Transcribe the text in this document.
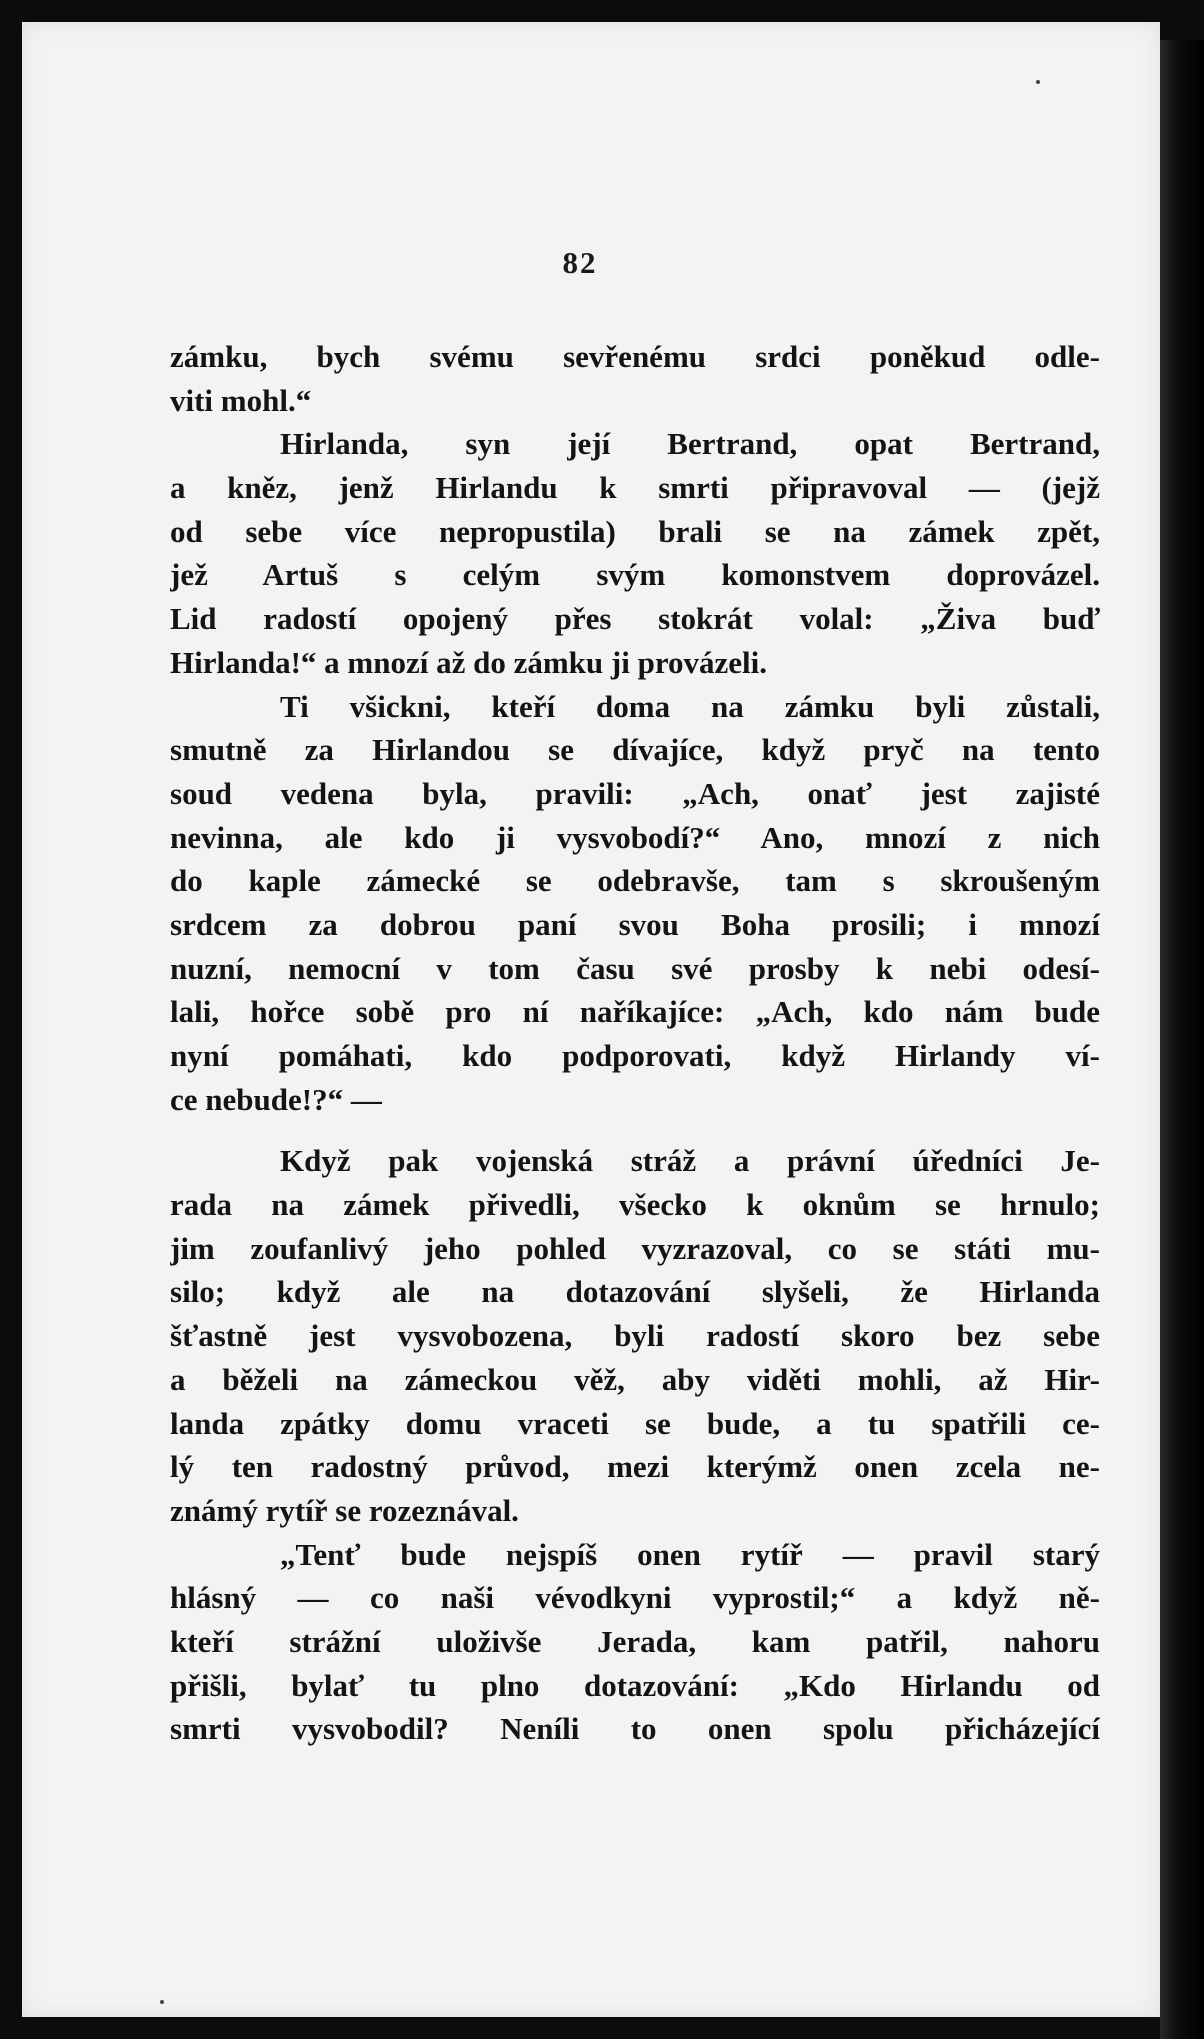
82
zámku, bych svému sevřenému srdci poněkud odle-
viti mohl.“
Hirlanda, syn její Bertrand, opat Bertrand,
a kněz, jenž Hirlandu k smrti připravoval — (jejž
od sebe více nepropustila) brali se na zámek zpět,
jež Artuš s celým svým komonstvem doprovázel.
Lid radostí opojený přes stokrát volal: „Živa buď
Hirlanda!“ a mnozí až do zámku ji provázeli.
Ti všickni, kteří doma na zámku byli zůstali,
smutně za Hirlandou se dívajíce, když pryč na tento
soud vedena byla, pravili: „Ach, onať jest zajisté
nevinna, ale kdo ji vysvobodí?“ Ano, mnozí z nich
do kaple zámecké se odebravše, tam s skroušeným
srdcem za dobrou paní svou Boha prosili; i mnozí
nuzní, nemocní v tom času své prosby k nebi odesí-
lali, hořce sobě pro ní naříkajíce: „Ach, kdo nám bude
nyní pomáhati, kdo podporovati, když Hirlandy ví-
ce nebude!?“ —
Když pak vojenská stráž a právní úředníci Je-
rada na zámek přivedli, všecko k oknům se hrnulo;
jim zoufanlivý jeho pohled vyzrazoval, co se státi mu-
silo; když ale na dotazování slyšeli, že Hirlanda
šťastně jest vysvobozena, byli radostí skoro bez sebe
a běželi na zámeckou věž, aby viděti mohli, až Hir-
landa zpátky domu vraceti se bude, a tu spatřili ce-
lý ten radostný průvod, mezi kterýmž onen zcela ne-
známý rytíř se rozeznával.
„Tenť bude nejspíš onen rytíř — pravil starý
hlásný — co naši vévodkyni vyprostil;“ a když ně-
kteří strážní uloživše Jerada, kam patřil, nahoru
přišli, bylať tu plno dotazování: „Kdo Hirlandu od
smrti vysvobodil? Neníli to onen spolu přicházející
